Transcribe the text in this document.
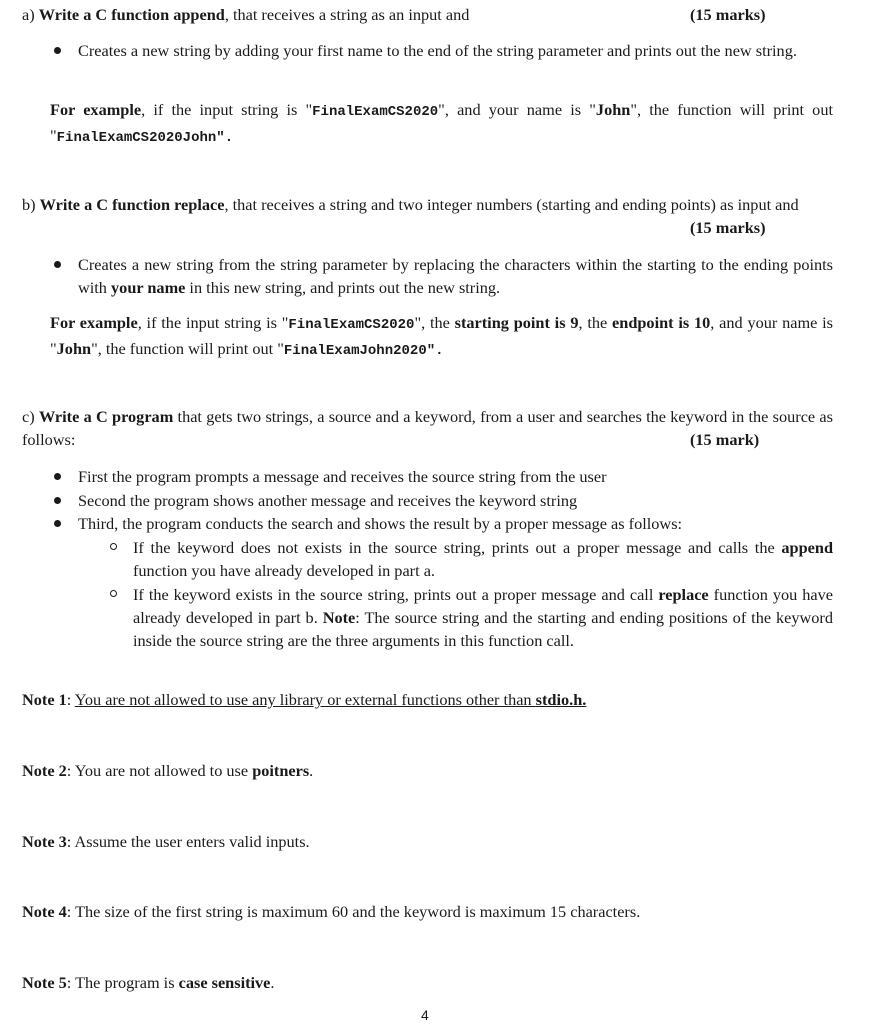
a) Write a C function append, that receives a string as an input and	(15 marks)
Creates a new string by adding your first name to the end of the string parameter and prints out the new string.
For example, if the input string is "FinalExamCS2020", and your name is "John", the function will print out "FinalExamCS2020John".
b) Write a C function replace, that receives a string and two integer numbers (starting and ending points) as input and
(15 marks)
Creates a new string from the string parameter by replacing the characters within the starting to the ending points with your name in this new string, and prints out the new string.
For example, if the input string is "FinalExamCS2020", the starting point is 9, the endpoint is 10, and your name is "John", the function will print out "FinalExamJohn2020".
c) Write a C program that gets two strings, a source and a keyword, from a user and searches the keyword in the source as follows:	(15 mark)
First the program prompts a message and receives the source string from the user
Second the program shows another message and receives the keyword string
Third, the program conducts the search and shows the result by a proper message as follows:
If the keyword does not exists in the source string, prints out a proper message and calls the append function you have already developed in part a.
If the keyword exists in the source string, prints out a proper message and call replace function you have already developed in part b. Note: The source string and the starting and ending positions of the keyword inside the source string are the three arguments in this function call.
Note 1: You are not allowed to use any library or external functions other than stdio.h.
Note 2: You are not allowed to use poitners.
Note 3: Assume the user enters valid inputs.
Note 4: The size of the first string is maximum 60 and the keyword is maximum 15 characters.
Note 5: The program is case sensitive.
4
